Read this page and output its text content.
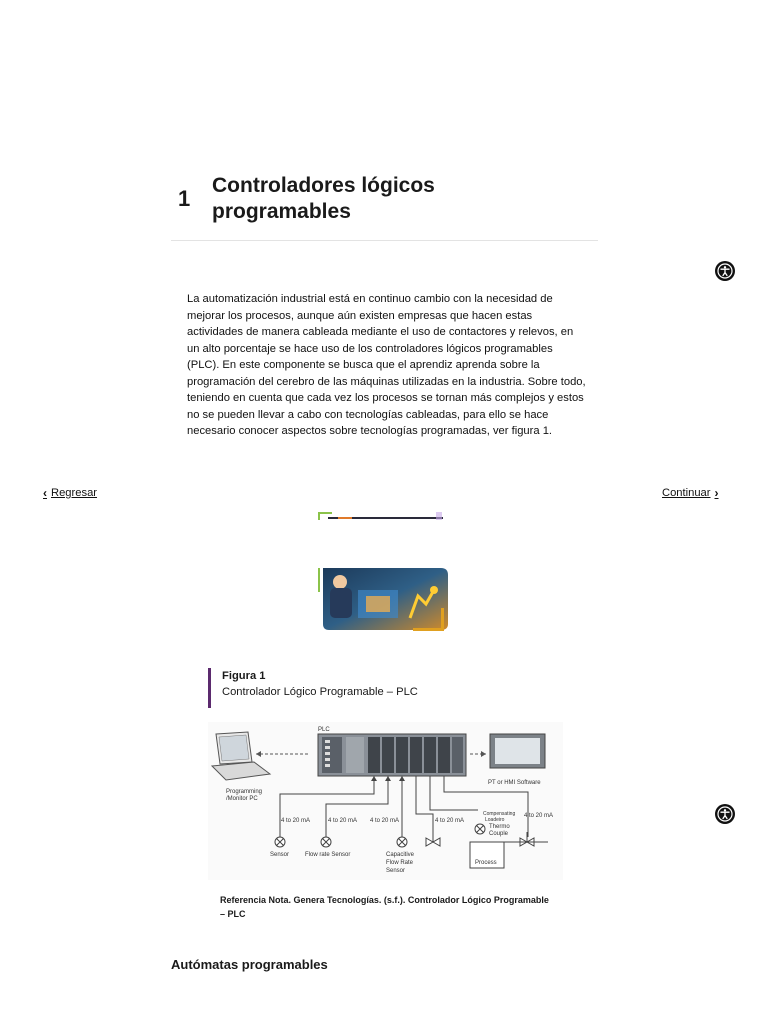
1
Controladores lógicos programables
La automatización industrial está en continuo cambio con la necesidad de mejorar los procesos, aunque aún existen empresas que hacen estas actividades de manera cableada mediante el uso de contactores y relevos, en un alto porcentaje se hace uso de los controladores lógicos programables (PLC). En este componente se busca que el aprendiz aprenda sobre la programación del cerebro de las máquinas utilizadas en la industria. Sobre todo, teniendo en cuenta que cada vez los procesos se tornan más complejos y estos no se pueden llevar a cabo con tecnologías cableadas, para ello se hace necesario conocer aspectos sobre tecnologías programadas, ver figura 1.
‹ Regresar	Continuar ›
Figura 1
Controlador Lógico Programable – PLC
Programming
/Monitor PC
PLC
PT or HMI Software
4 to 20 mA	4 to 20 mA 4 to 20 mA	4 to 20 mA
4 to 20 mA
Process
Sensor	Flow rate Sensor	Capacitive
Flow Rate
Sensor
Compensating
Loadeiro
Thermo
Couple
Referencia Nota. Genera Tecnologías. (s.f.). Controlador Lógico Programable – PLC
Autómatas programables
